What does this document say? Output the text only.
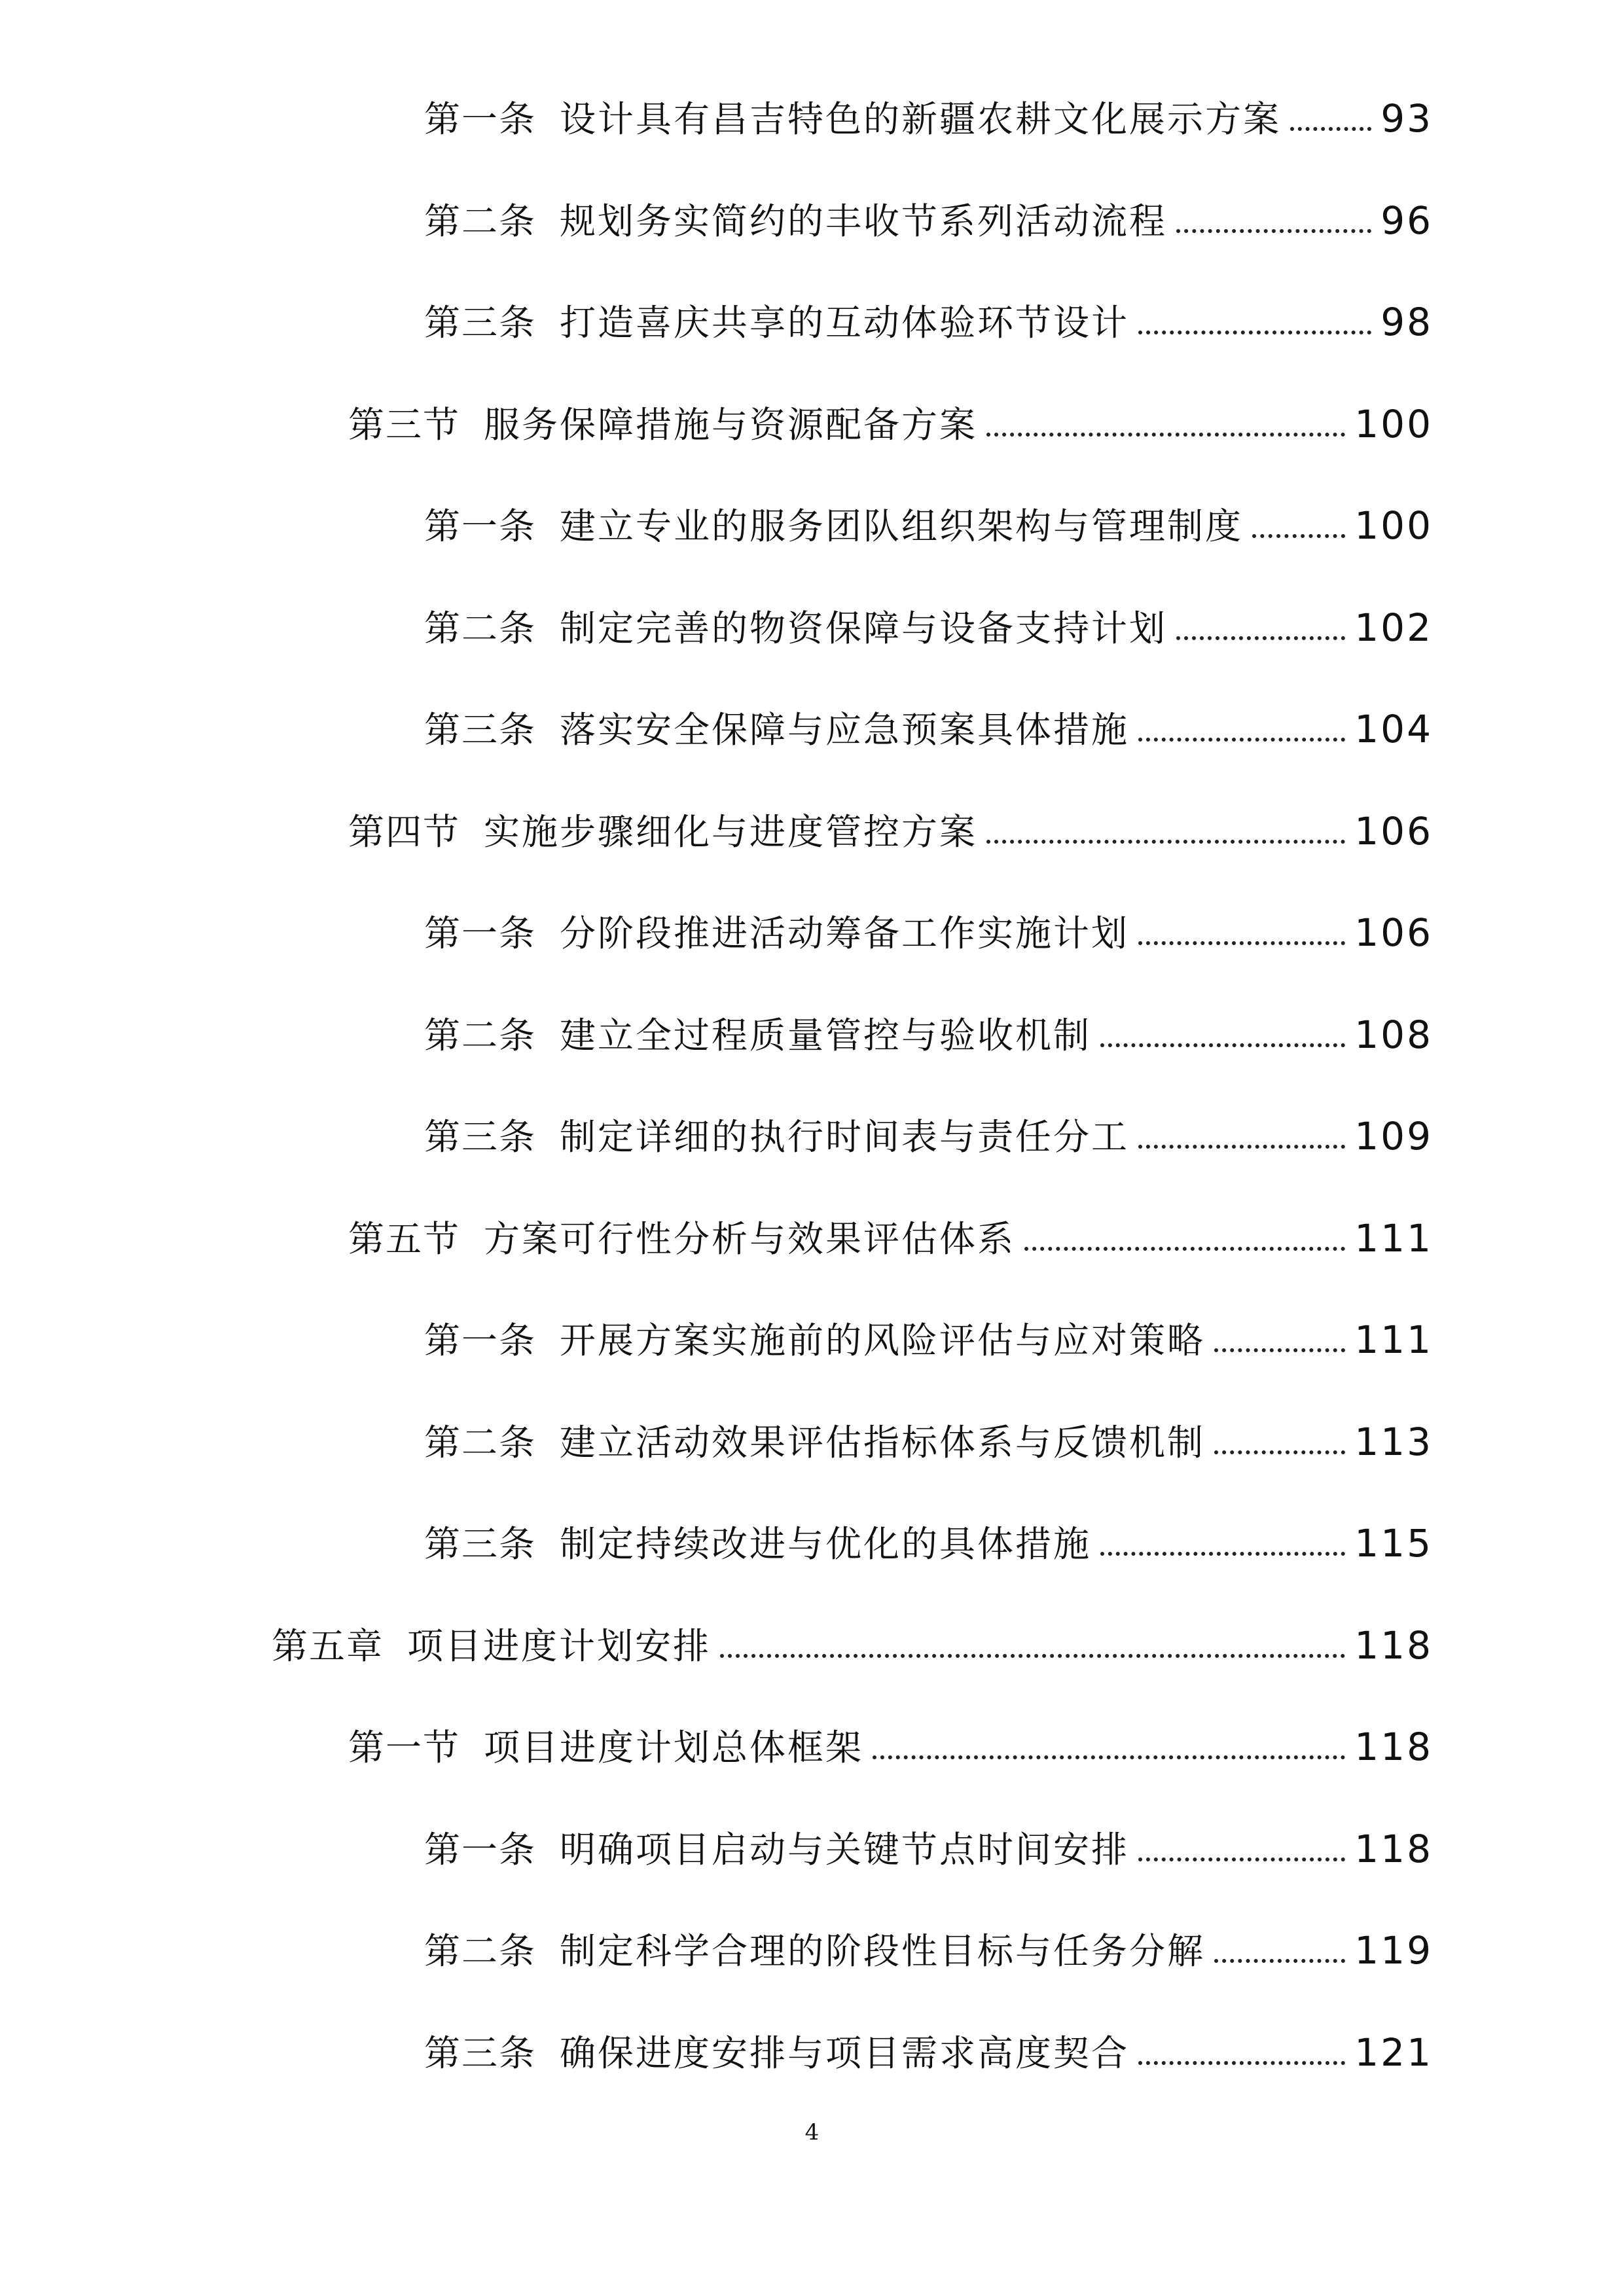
第一条 设计具有昌吉特色的新疆农耕文化展示方案	93
第二条 规划务实简约的丰收节系列活动流程	96
第三条 打造喜庆共享的互动体验环节设计	98
第三节 服务保障措施与资源配备方案	100
第一条 建立专业的服务团队组织架构与管理制度	100
第二条 制定完善的物资保障与设备支持计划	102
第三条 落实安全保障与应急预案具体措施	104
第四节 实施步骤细化与进度管控方案	106
第一条 分阶段推进活动筹备工作实施计划	106
第二条 建立全过程质量管控与验收机制	108
第三条 制定详细的执行时间表与责任分工	109
第五节 方案可行性分析与效果评估体系	111
第一条 开展方案实施前的风险评估与应对策略	111
第二条 建立活动效果评估指标体系与反馈机制	113
第三条 制定持续改进与优化的具体措施	115
第五章 项目进度计划安排	118
第一节 项目进度计划总体框架	118
第一条 明确项目启动与关键节点时间安排	118
第二条 制定科学合理的阶段性目标与任务分解	119
第三条 确保进度安排与项目需求高度契合	121
4
